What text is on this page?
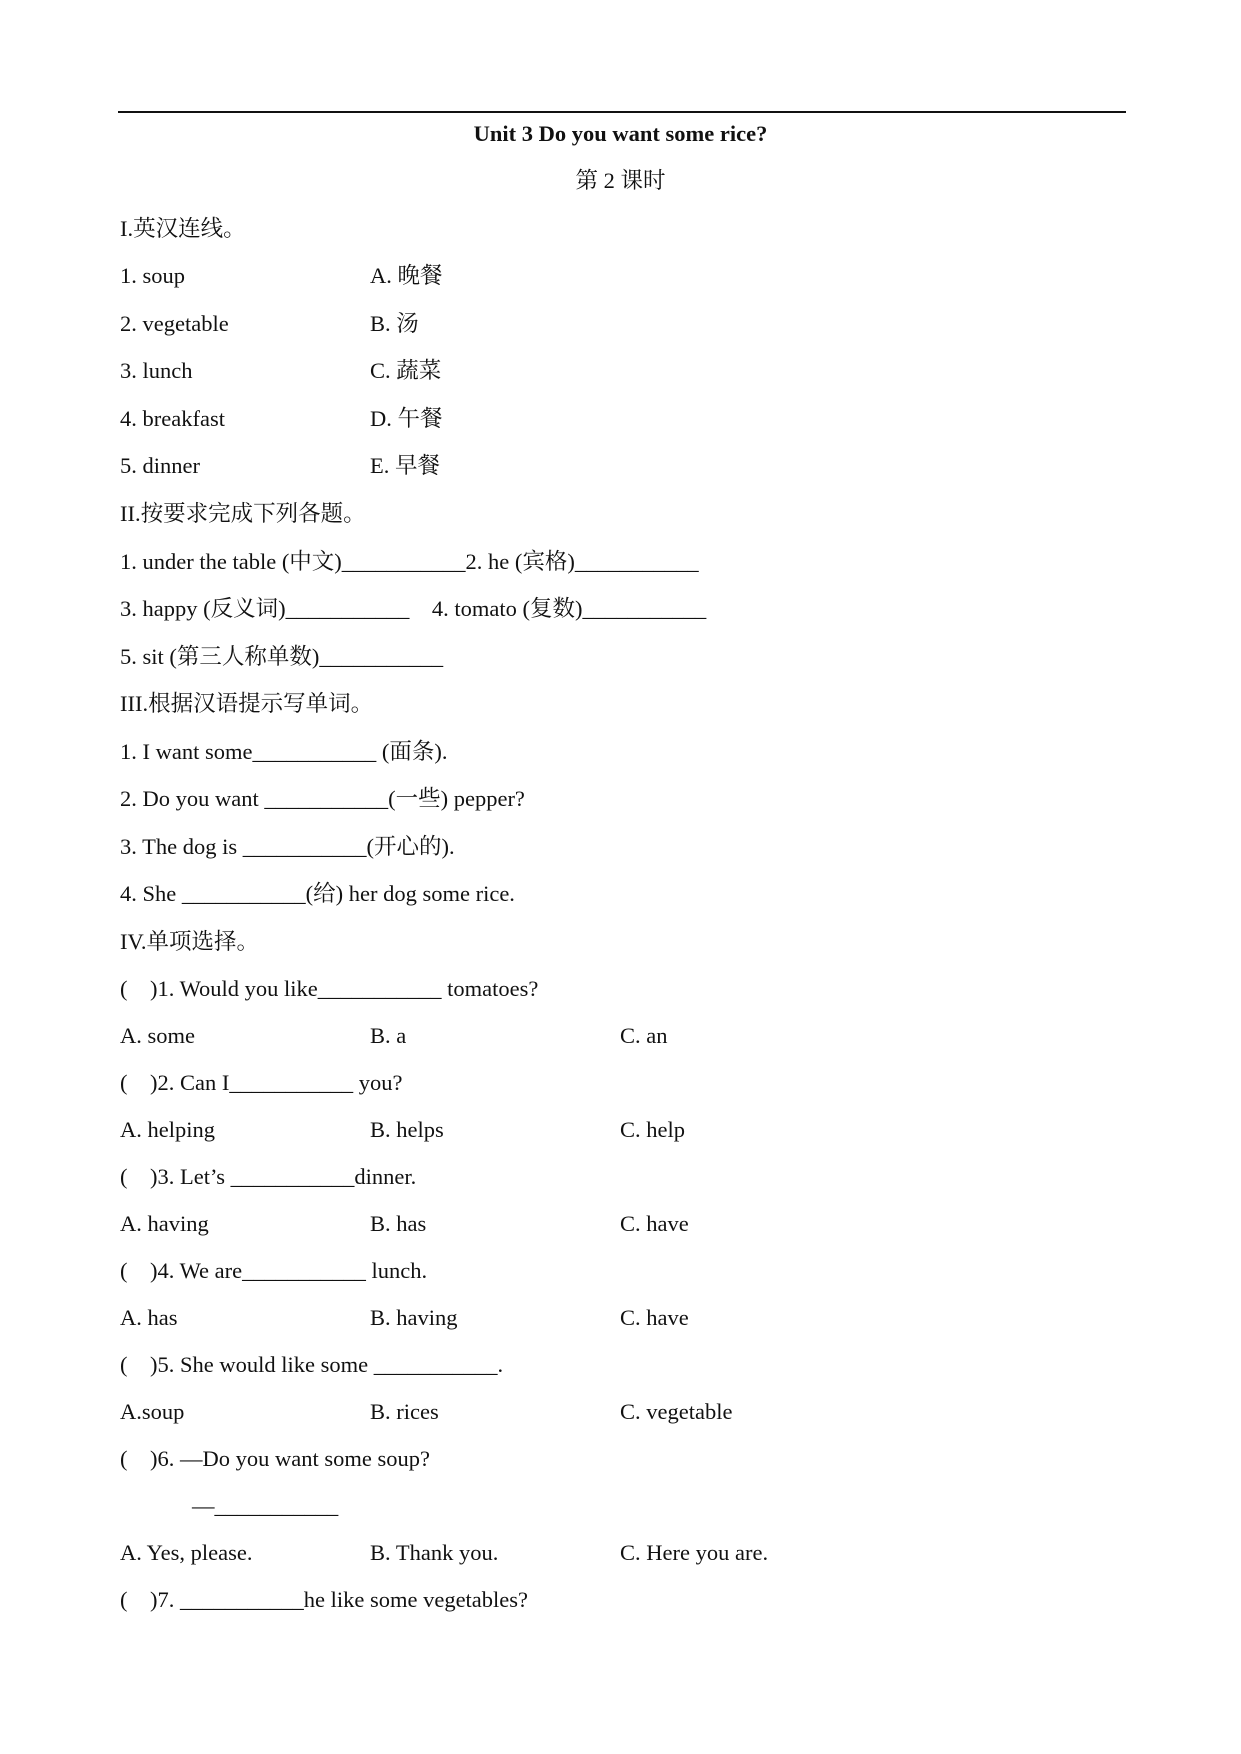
Unit 3 Do you want some rice?
第 2 课时
I.英汉连线。
1. soup	A. 晚餐
2. vegetable	B. 汤
3. lunch	C. 蔬菜
4. breakfast	D. 午餐
5. dinner	E. 早餐
II.按要求完成下列各题。
1. under the table (中文)___________2. he (宾格)___________
3. happy (反义词)___________    4. tomato (复数)___________
5. sit (第三人称单数)___________
III.根据汉语提示写单词。
1. I want some___________ (面条).
2. Do you want ___________(一些) pepper?
3. The dog is ___________(开心的).
4. She ___________(给) her dog some rice.
IV.单项选择。
(    )1. Would you like___________ tomatoes?
A. some	B. a	C. an
(    )2. Can I___________ you?
A. helping	B. helps	C. help
(    )3. Let’s ___________dinner.
A. having	B. has	C. have
(    )4. We are___________ lunch.
A. has	B. having	C. have
(    )5. She would like some ___________.
A.soup	B. rices	C. vegetable
(    )6. —Do you want some soup?
—___________
A. Yes, please.	B. Thank you.	C. Here you are.
(    )7. ___________he like some vegetables?
